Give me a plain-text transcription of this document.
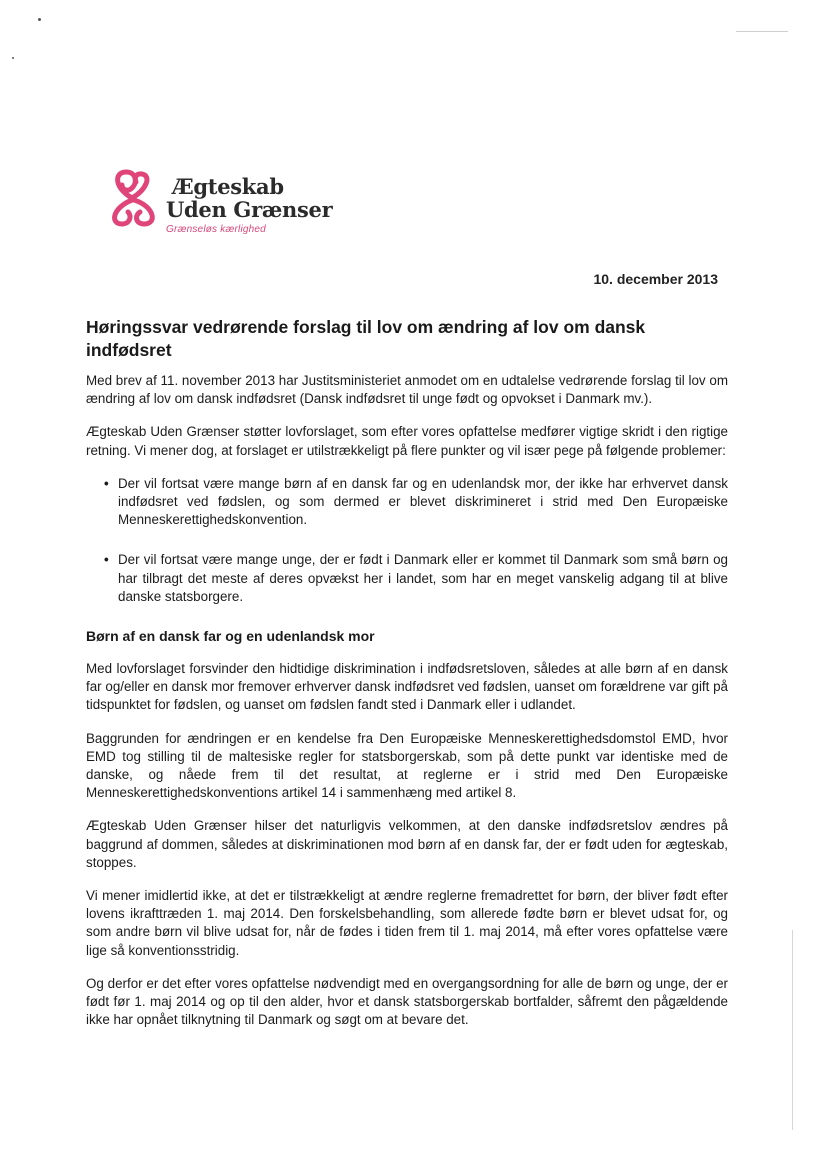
Ægteskab
Uden Grænser
Grænseløs kærlighed
10. december 2013
Høringssvar vedrørende forslag til lov om ændring af lov om dansk indfødsret

Med brev af 11. november 2013 har Justitsministeriet anmodet om en udtalelse vedrørende forslag til lov om ændring af lov om dansk indfødsret (Dansk indfødsret til unge født og opvokset i Danmark mv.).

Ægteskab Uden Grænser støtter lovforslaget, som efter vores opfattelse medfører vigtige skridt i den rigtige retning. Vi mener dog, at forslaget er utilstrækkeligt på flere punkter og vil især pege på følgende problemer:

• Der vil fortsat være mange børn af en dansk far og en udenlandsk mor, der ikke har erhvervet dansk indfødsret ved fødslen, og som dermed er blevet diskrimineret i strid med Den Europæiske Menneskerettighedskonvention.
• Der vil fortsat være mange unge, der er født i Danmark eller er kommet til Danmark som små børn og har tilbragt det meste af deres opvækst her i landet, som har en meget vanskelig adgang til at blive danske statsborgere.
Børn af en dansk far og en udenlandsk mor

Med lovforslaget forsvinder den hidtidige diskrimination i indfødsretsloven, således at alle børn af en dansk far og/eller en dansk mor fremover erhverver dansk indfødsret ved fødslen, uanset om forældrene var gift på tidspunktet for fødslen, og uanset om fødslen fandt sted i Danmark eller i udlandet.

Baggrunden for ændringen er en kendelse fra Den Europæiske Menneskerettighedsdomstol EMD, hvor EMD tog stilling til de maltesiske regler for statsborgerskab, som på dette punkt var identiske med de danske, og nåede frem til det resultat, at reglerne er i strid med Den Europæiske Menneskerettighedskonventions artikel 14 i sammenhæng med artikel 8.

Ægteskab Uden Grænser hilser det naturligvis velkommen, at den danske indfødsretslov ændres på baggrund af dommen, således at diskriminationen mod børn af en dansk far, der er født uden for ægteskab, stoppes.

Vi mener imidlertid ikke, at det er tilstrækkeligt at ændre reglerne fremadrettet for børn, der bliver født efter lovens ikrafttræden 1. maj 2014. Den forskelsbehandling, som allerede fødte børn er blevet udsat for, og som andre børn vil blive udsat for, når de fødes i tiden frem til 1. maj 2014, må efter vores opfattelse være lige så konventionsstridig.

Og derfor er det efter vores opfattelse nødvendigt med en overgangsordning for alle de børn og unge, der er født før 1. maj 2014 og op til den alder, hvor et dansk statsborgerskab bortfalder, såfremt den pågældende ikke har opnået tilknytning til Danmark og søgt om at bevare det.
